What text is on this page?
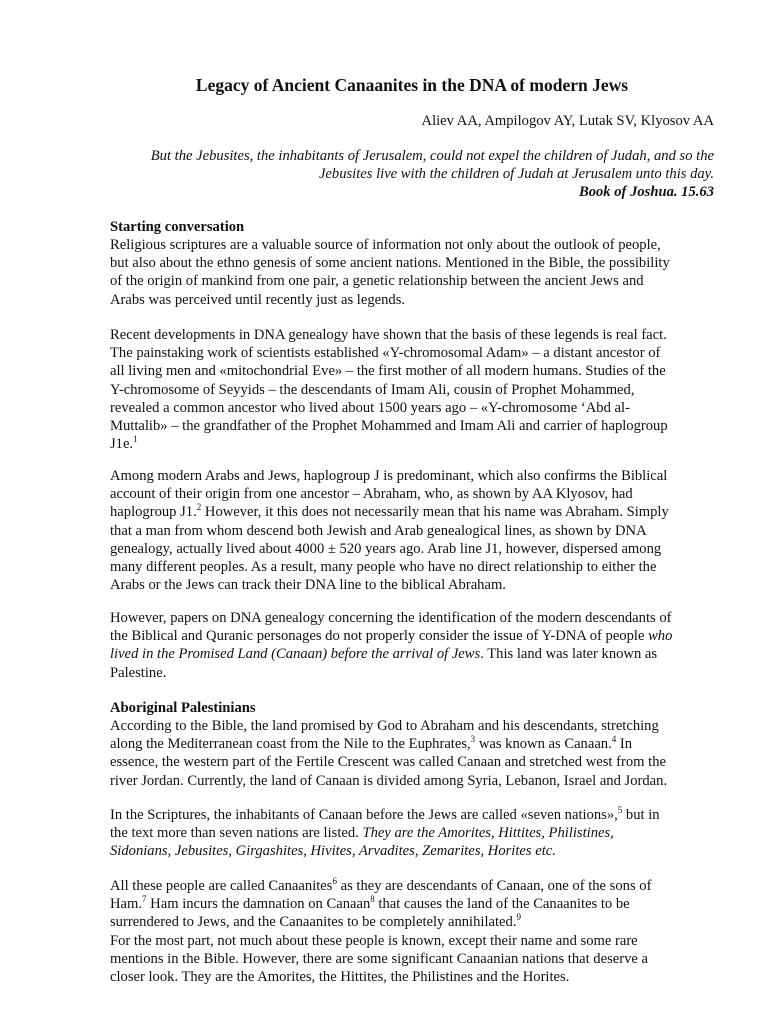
Legacy of Ancient Canaanites in the DNA of modern Jews
Aliev AA, Ampilogov AY, Lutak SV, Klyosov AA
But the Jebusites, the inhabitants of Jerusalem, could not expel the children of Judah, and so the
Jebusites live with the children of Judah at Jerusalem unto this day.
Book of Joshua. 15.63
Starting conversation
Religious scriptures are a valuable source of information not only about the outlook of people,
but also about the ethno genesis of some ancient nations. Mentioned in the Bible, the possibility
of the origin of mankind from one pair, a genetic relationship between the ancient Jews and
Arabs was perceived until recently just as legends.
Recent developments in DNA genealogy have shown that the basis of these legends is real fact.
The painstaking work of scientists established «Y-chromosomal Adam» – a distant ancestor of
all living men and «mitochondrial Eve» – the first mother of all modern humans. Studies of the
Y-chromosome of Seyyids – the descendants of Imam Ali, cousin of Prophet Mohammed,
revealed a common ancestor who lived about 1500 years ago – «Y-chromosome ‘Abd al-
Muttalib» – the grandfather of the Prophet Mohammed and Imam Ali and carrier of haplogroup
J1e.$^1$
Among modern Arabs and Jews, haplogroup J is predominant, which also confirms the Biblical
account of their origin from one ancestor – Abraham, who, as shown by AA Klyosov, had
haplogroup J1.$^2$ However, it this does not necessarily mean that his name was Abraham. Simply
that a man from whom descend both Jewish and Arab genealogical lines, as shown by DNA
genealogy, actually lived about 4000 ± 520 years ago. Arab line J1, however, dispersed among
many different peoples. As a result, many people who have no direct relationship to either the
Arabs or the Jews can track their DNA line to the biblical Abraham.
However, papers on DNA genealogy concerning the identification of the modern descendants of
the Biblical and Quranic personages do not properly consider the issue of Y-DNA of people who
lived in the Promised Land (Canaan) before the arrival of Jews. This land was later known as
Palestine.
Aboriginal Palestinians
According to the Bible, the land promised by God to Abraham and his descendants, stretching
along the Mediterranean coast from the Nile to the Euphrates,$^3$ was known as Canaan.$^4$ In
essence, the western part of the Fertile Crescent was called Canaan and stretched west from the
river Jordan. Currently, the land of Canaan is divided among Syria, Lebanon, Israel and Jordan.
In the Scriptures, the inhabitants of Canaan before the Jews are called «seven nations»,$^5$ but in
the text more than seven nations are listed. They are the Amorites, Hittites, Philistines,
Sidonians, Jebusites, Girgashites, Hivites, Arvadites, Zemarites, Horites etc.
All these people are called Canaanites$^6$ as they are descendants of Canaan, one of the sons of
Ham.$^7$ Ham incurs the damnation on Canaan$^8$ that causes the land of the Canaanites to be
surrendered to Jews, and the Canaanites to be completely annihilated.$^9$
For the most part, not much about these people is known, except their name and some rare
mentions in the Bible. However, there are some significant Canaanian nations that deserve a
closer look. They are the Amorites, the Hittites, the Philistines and the Horites.
